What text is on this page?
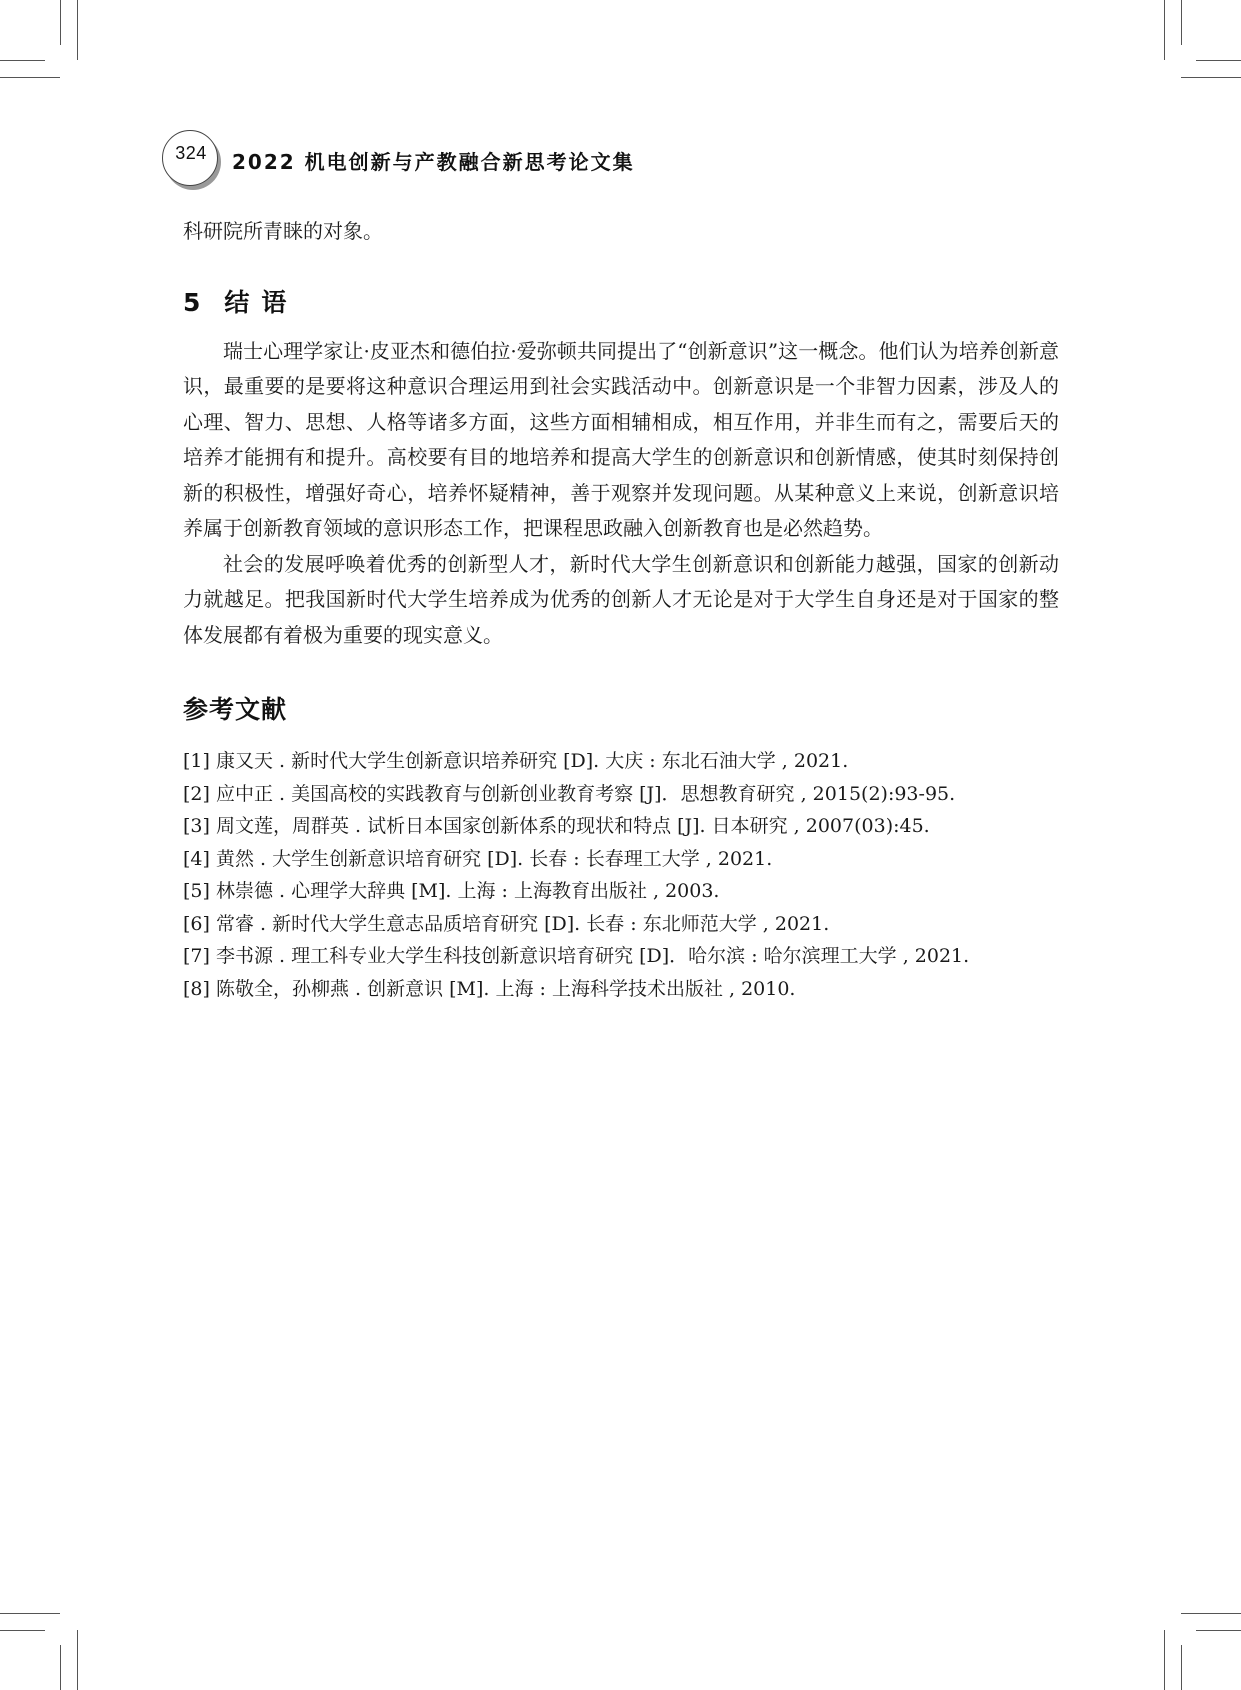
324	2022 机电创新与产教融合新思考论文集

科研院所青睐的对象。

5 结语

瑞士心理学家让·皮亚杰和德伯拉·爱弥顿共同提出了“创新意识”这一概念。他们认为培养创新意识，最重要的是要将这种意识合理运用到社会实践活动中。创新意识是一个非智力因素，涉及人的心理、智力、思想、人格等诸多方面，这些方面相辅相成，相互作用，并非生而有之，需要后天的培养才能拥有和提升。高校要有目的地培养和提高大学生的创新意识和创新情感，使其时刻保持创新的积极性，增强好奇心，培养怀疑精神，善于观察并发现问题。从某种意义上来说，创新意识培养属于创新教育领域的意识形态工作，把课程思政融入创新教育也是必然趋势。

社会的发展呼唤着优秀的创新型人才，新时代大学生创新意识和创新能力越强，国家的创新动力就越足。把我国新时代大学生培养成为优秀的创新人才无论是对于大学生自身还是对于国家的整体发展都有着极为重要的现实意义。

参考文献
[1] 康又天 . 新时代大学生创新意识培养研究 [D]. 大庆 : 东北石油大学 , 2021.
[2] 应中正 . 美国高校的实践教育与创新创业教育考察 [J]．思想教育研究 , 2015(2):93-95.
[3] 周文莲，周群英 . 试析日本国家创新体系的现状和特点 [J]. 日本研究 , 2007(03):45.
[4] 黄然 . 大学生创新意识培育研究 [D]. 长春 : 长春理工大学 , 2021.
[5] 林崇德 . 心理学大辞典 [M]. 上海 : 上海教育出版社 , 2003.
[6] 常睿 . 新时代大学生意志品质培育研究 [D]. 长春 : 东北师范大学 , 2021.
[7] 李书源 . 理工科专业大学生科技创新意识培育研究 [D]．哈尔滨 : 哈尔滨理工大学 , 2021.
[8] 陈敬全，孙柳燕 . 创新意识 [M]. 上海 : 上海科学技术出版社 , 2010.
